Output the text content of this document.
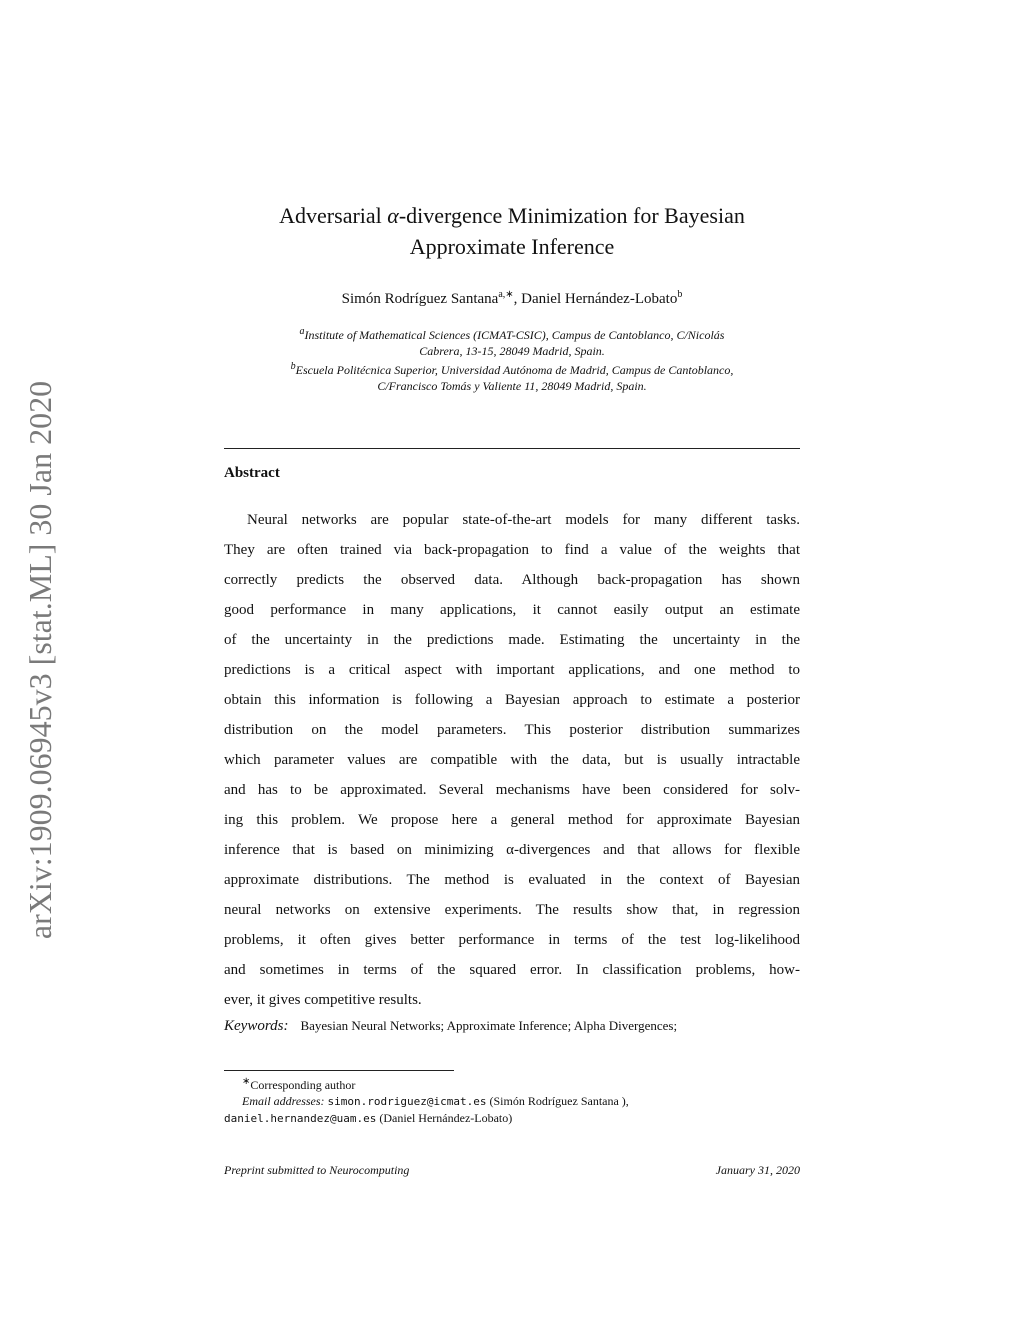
arXiv:1909.06945v3 [stat.ML] 30 Jan 2020
Adversarial α-divergence Minimization for Bayesian
Approximate Inference
Simón Rodríguez Santana$^{a,∗}$, Daniel Hernández-Lobato$^b$
$^a$Institute of Mathematical Sciences (ICMAT-CSIC), Campus de Cantoblanco, C/Nicolás
Cabrera, 13-15, 28049 Madrid, Spain.
$^b$Escuela Politécnica Superior, Universidad Autónoma de Madrid, Campus de Cantoblanco,
C/Francisco Tomás y Valiente 11, 28049 Madrid, Spain.
Abstract
Neural networks are popular state-of-the-art models for many different tasks.
They are often trained via back-propagation to find a value of the weights that
correctly predicts the observed data. Although back-propagation has shown
good performance in many applications, it cannot easily output an estimate
of the uncertainty in the predictions made. Estimating the uncertainty in the
predictions is a critical aspect with important applications, and one method to
obtain this information is following a Bayesian approach to estimate a posterior
distribution on the model parameters. This posterior distribution summarizes
which parameter values are compatible with the data, but is usually intractable
and has to be approximated. Several mechanisms have been considered for solv-
ing this problem. We propose here a general method for approximate Bayesian
inference that is based on minimizing α-divergences and that allows for flexible
approximate distributions. The method is evaluated in the context of Bayesian
neural networks on extensive experiments. The results show that, in regression
problems, it often gives better performance in terms of the test log-likelihood
and sometimes in terms of the squared error. In classification problems, how-
ever, it gives competitive results.
Keywords: Bayesian Neural Networks; Approximate Inference; Alpha Divergences;
∗Corresponding author
Email addresses: simon.rodriguez@icmat.es (Simón Rodríguez Santana ),
daniel.hernandez@uam.es (Daniel Hernández-Lobato)
Preprint submitted to Neurocomputing	January 31, 2020
